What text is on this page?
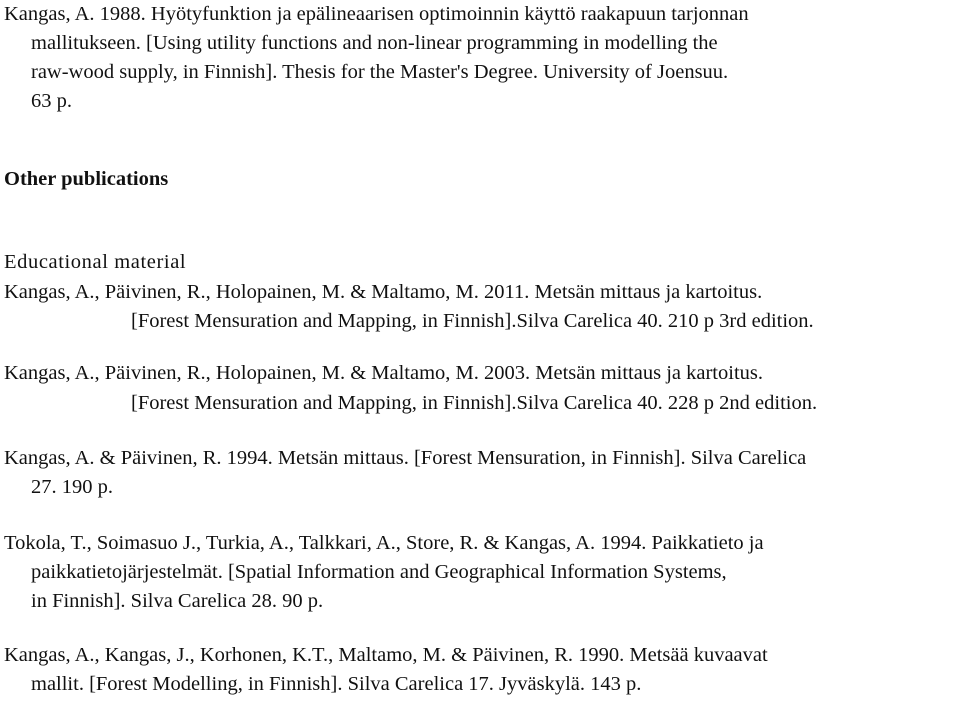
Kangas, A. 1988. Hyötyfunktion ja epälineaarisen optimoinnin käyttö raakapuun tarjonnan
mallitukseen. [Using utility functions and non-linear programming in modelling the
raw-wood supply, in Finnish]. Thesis for the Master's Degree. University of Joensuu.
63 p.
Other publications
Educational material
Kangas, A., Päivinen, R., Holopainen, M. & Maltamo, M. 2011. Metsän mittaus ja kartoitus.
[Forest Mensuration and Mapping, in Finnish].Silva Carelica 40. 210 p 3rd edition.
Kangas, A., Päivinen, R., Holopainen, M. & Maltamo, M. 2003. Metsän mittaus ja kartoitus.
[Forest Mensuration and Mapping, in Finnish].Silva Carelica 40. 228 p 2nd edition.
Kangas, A. & Päivinen, R. 1994. Metsän mittaus. [Forest Mensuration, in Finnish]. Silva Carelica
27. 190 p.
Tokola, T., Soimasuo J., Turkia, A., Talkkari, A., Store, R. & Kangas, A. 1994. Paikkatieto ja
paikkatietojärjestelmät. [Spatial Information and Geographical Information Systems,
in Finnish]. Silva Carelica 28. 90 p.
Kangas, A., Kangas, J., Korhonen, K.T., Maltamo, M. & Päivinen, R. 1990. Metsää kuvaavat
mallit. [Forest Modelling, in Finnish]. Silva Carelica 17. Jyväskylä. 143 p.
